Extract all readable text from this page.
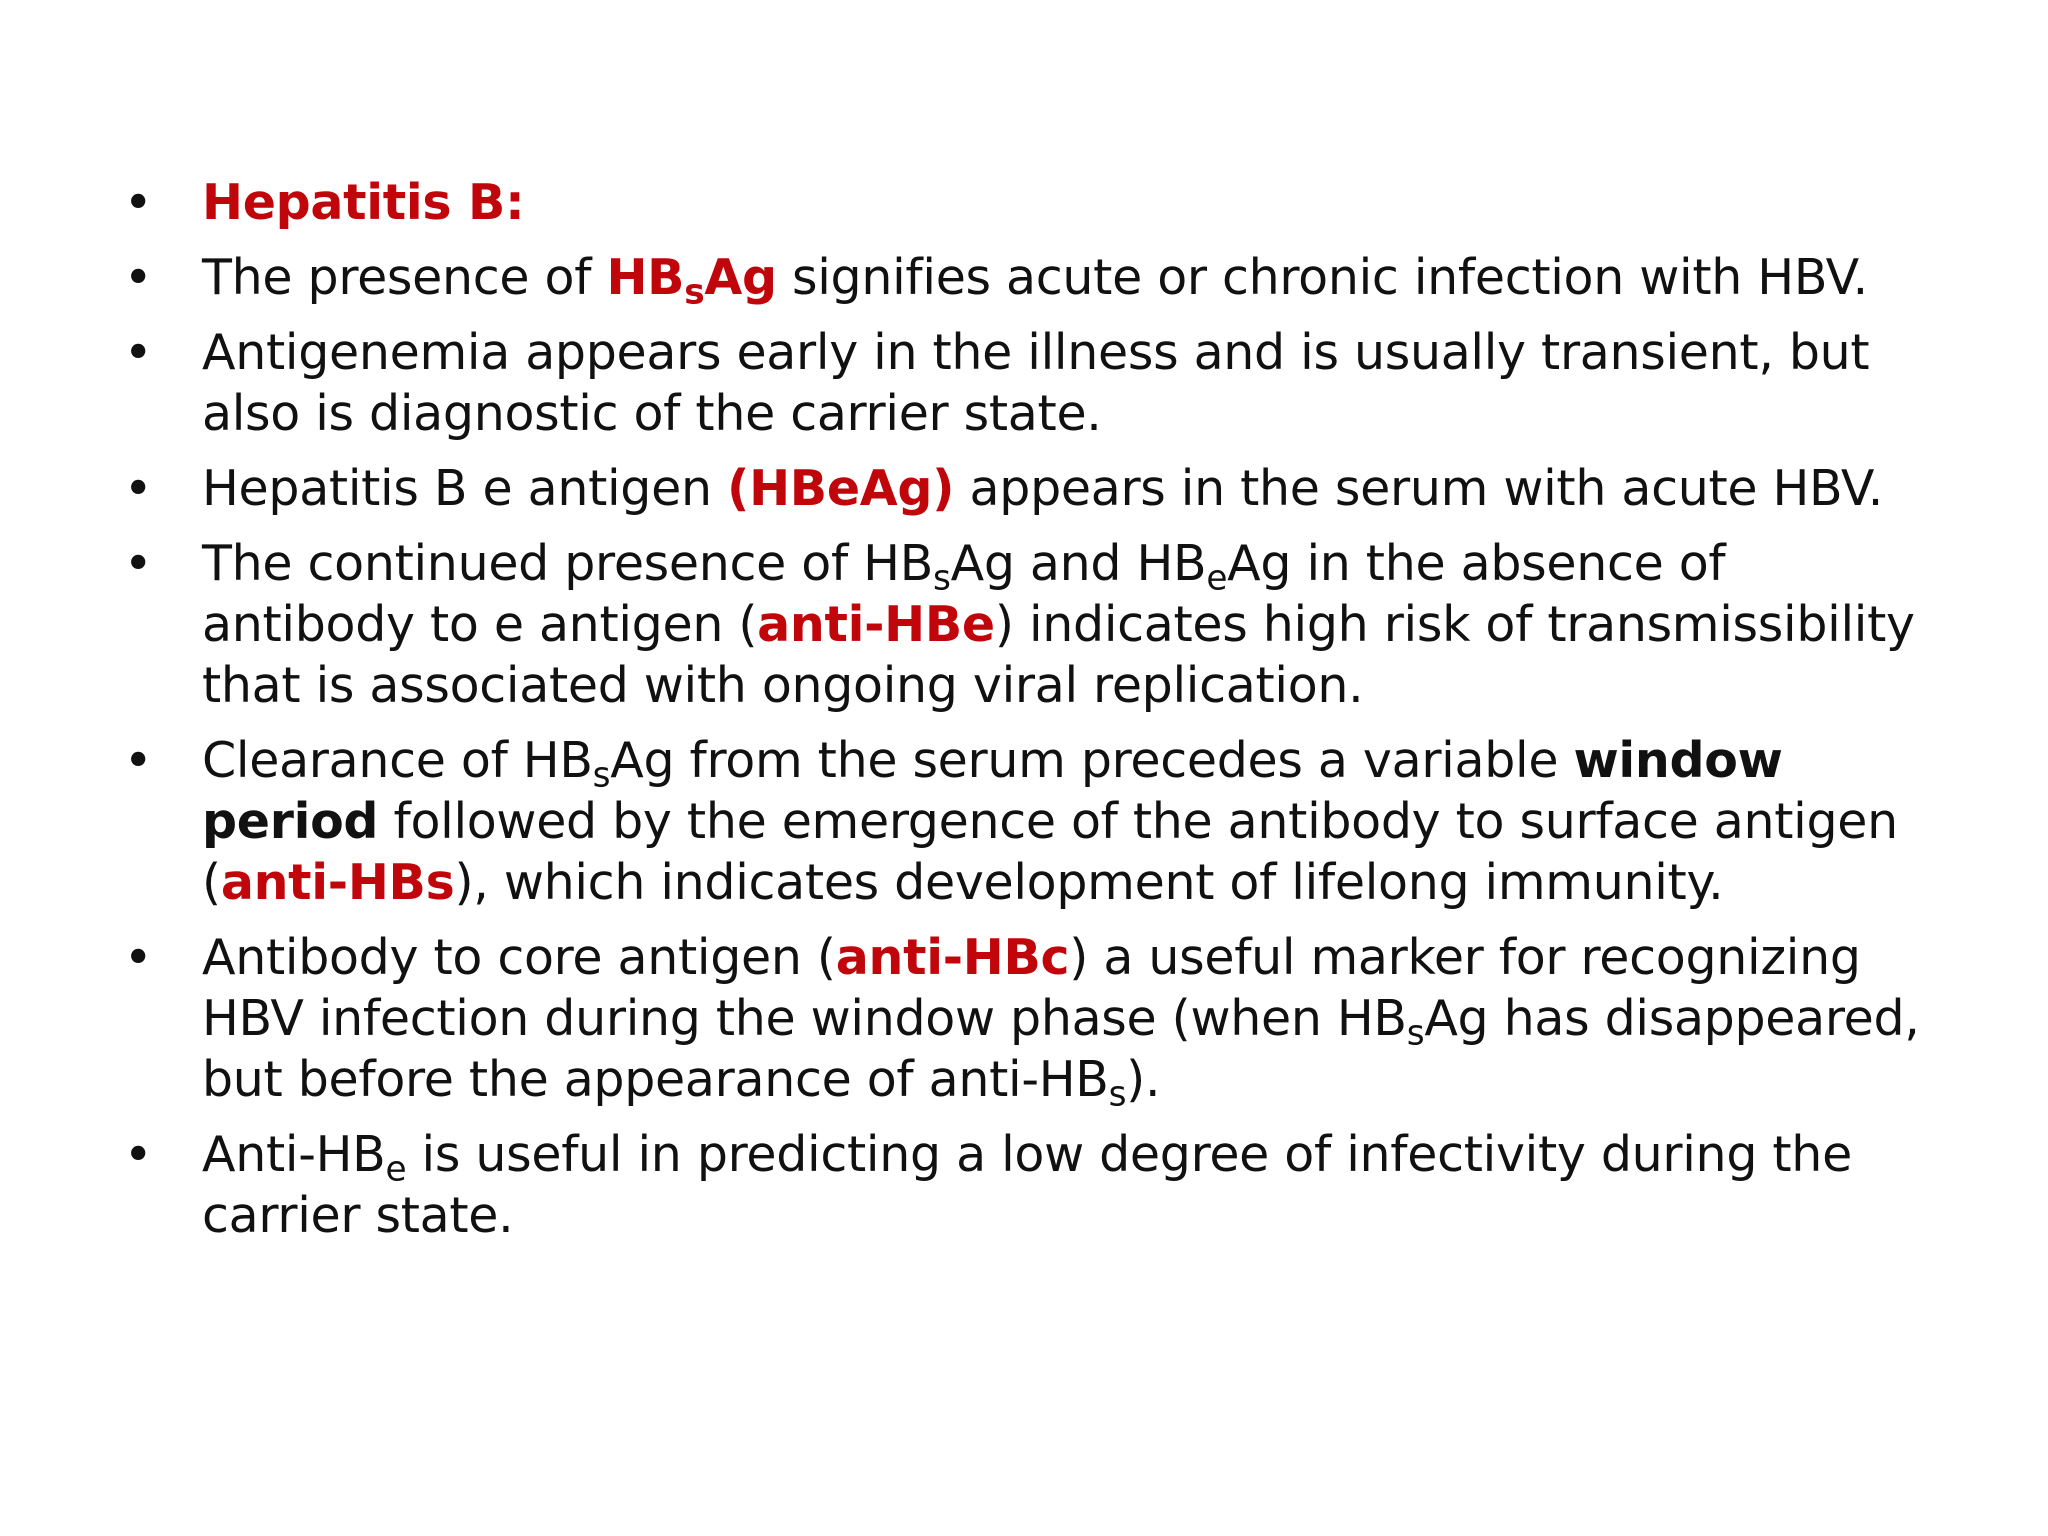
• Hepatitis B:
• The presence of $HB_sAg$ signifies acute or chronic infection with HBV.
• Antigenemia appears early in the illness and is usually transient, but also is diagnostic of the carrier state.
• Hepatitis B e antigen (HBeAg) appears in the serum with acute HBV.
• The continued presence of $HB_sAg$ and $HB_eAg$ in the absence of antibody to e antigen (anti-HBe) indicates high risk of transmissibility that is associated with ongoing viral replication.
• Clearance of $HB_sAg$ from the serum precedes a variable window period followed by the emergence of the antibody to surface antigen (anti-HBs), which indicates development of lifelong immunity.
• Antibody to core antigen (anti-HBc) a useful marker for recognizing HBV infection during the window phase (when $HB_sAg$ has disappeared, but before the appearance of anti-$HB_s$).
• Anti-$HB_e$ is useful in predicting a low degree of infectivity during the carrier state.
